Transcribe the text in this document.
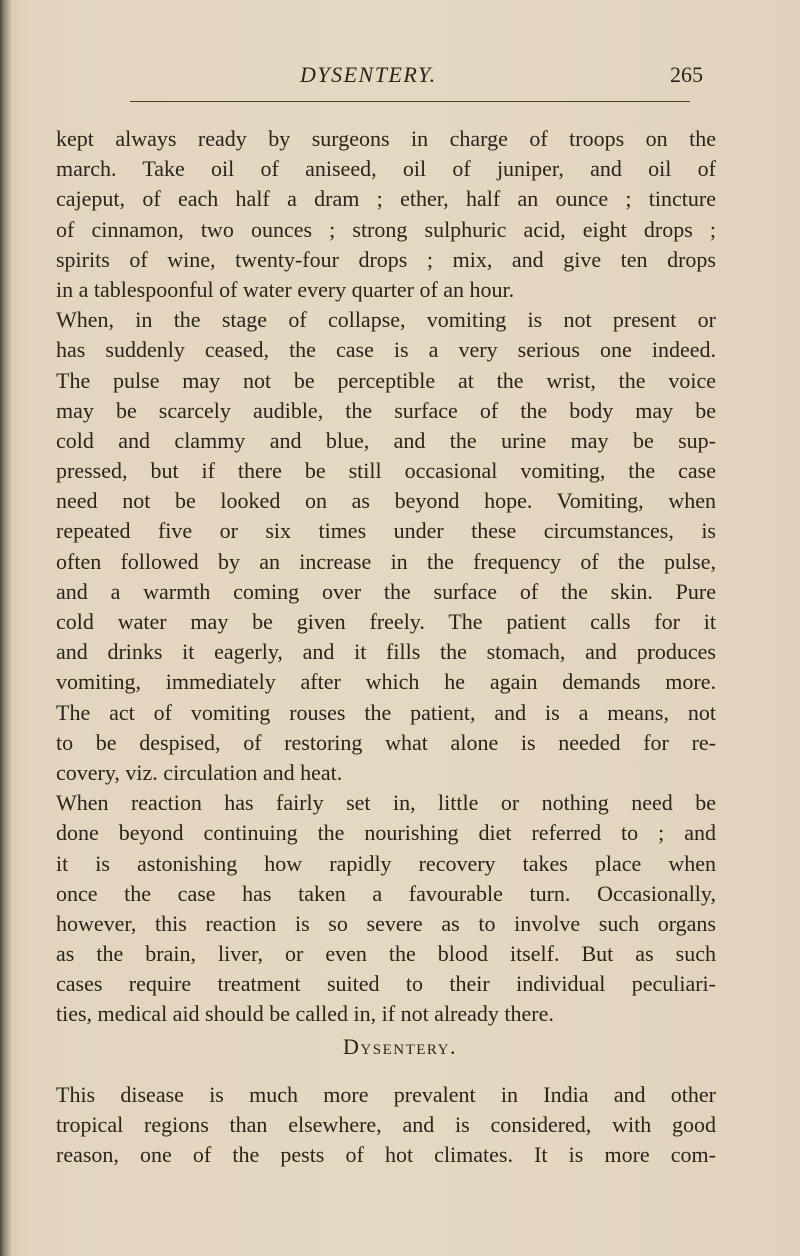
DYSENTERY.	265
kept always ready by surgeons in charge of troops on the
march. Take oil of aniseed, oil of juniper, and oil of
cajeput, of each half a dram ; ether, half an ounce ; tincture
of cinnamon, two ounces ; strong sulphuric acid, eight drops ;
spirits of wine, twenty-four drops ; mix, and give ten drops
in a tablespoonful of water every quarter of an hour.
When, in the stage of collapse, vomiting is not present or
has suddenly ceased, the case is a very serious one indeed.
The pulse may not be perceptible at the wrist, the voice
may be scarcely audible, the surface of the body may be
cold and clammy and blue, and the urine may be sup-
pressed, but if there be still occasional vomiting, the case
need not be looked on as beyond hope. Vomiting, when
repeated five or six times under these circumstances, is
often followed by an increase in the frequency of the pulse,
and a warmth coming over the surface of the skin. Pure
cold water may be given freely. The patient calls for it
and drinks it eagerly, and it fills the stomach, and produces
vomiting, immediately after which he again demands more.
The act of vomiting rouses the patient, and is a means, not
to be despised, of restoring what alone is needed for re-
covery, viz. circulation and heat.
When reaction has fairly set in, little or nothing need be
done beyond continuing the nourishing diet referred to ; and
it is astonishing how rapidly recovery takes place when
once the case has taken a favourable turn. Occasionally,
however, this reaction is so severe as to involve such organs
as the brain, liver, or even the blood itself. But as such
cases require treatment suited to their individual peculiari-
ties, medical aid should be called in, if not already there.
Dysentery.
This disease is much more prevalent in India and other
tropical regions than elsewhere, and is considered, with good
reason, one of the pests of hot climates. It is more com-
